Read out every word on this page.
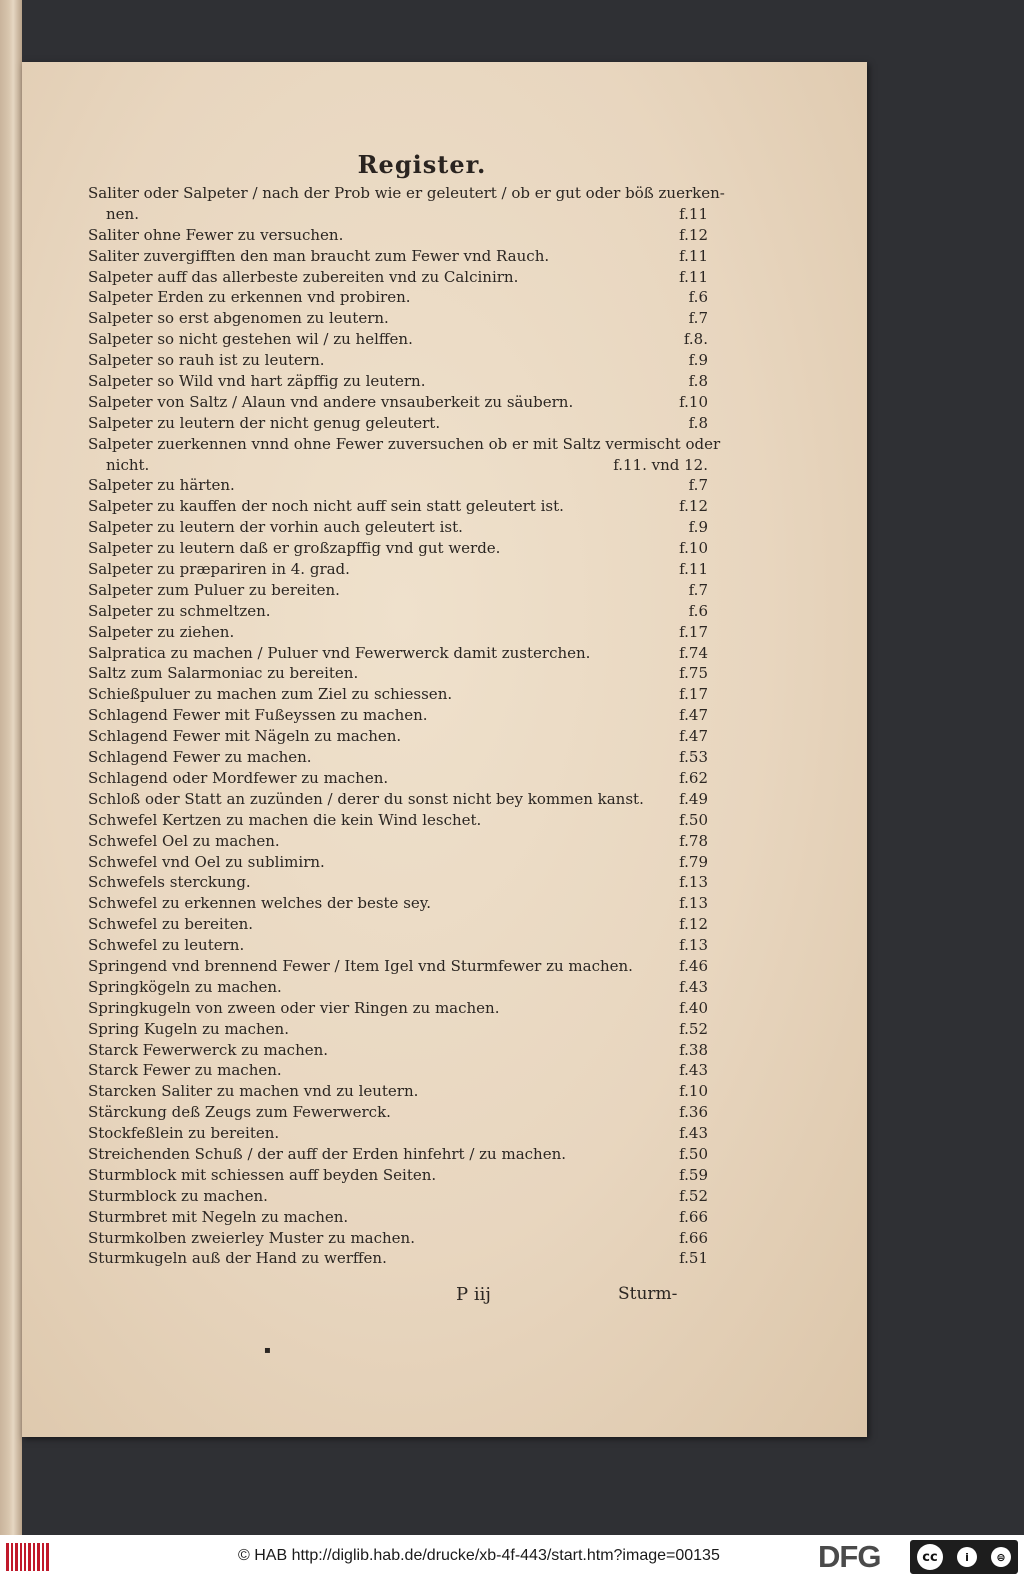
Register.
Saliter oder Salpeter / nach der Prob wie er geleutert / ob er gut oder böß zuerken-
nen.	f.11
Saliter ohne Fewer zu versuchen.	f.12
Saliter zuvergifften den man braucht zum Fewer vnd Rauch.	f.11
Salpeter auff das allerbeste zubereiten vnd zu Calcinirn.	f.11
Salpeter Erden zu erkennen vnd probiren.	f.6
Salpeter so erst abgenomen zu leutern.	f.7
Salpeter so nicht gestehen wil / zu helffen.	f.8.
Salpeter so rauh ist zu leutern.	f.9
Salpeter so Wild vnd hart zäpffig zu leutern.	f.8
Salpeter von Saltz / Alaun vnd andere vnsauberkeit zu säubern.	f.10
Salpeter zu leutern der nicht genug geleutert.	f.8
Salpeter zuerkennen vnnd ohne Fewer zuversuchen ob er mit Saltz vermischt oder
nicht.	f.11. vnd 12.
Salpeter zu härten.	f.7
Salpeter zu kauffen der noch nicht auff sein statt geleutert ist.	f.12
Salpeter zu leutern der vorhin auch geleutert ist.	f.9
Salpeter zu leutern daß er großzapffig vnd gut werde.	f.10
Salpeter zu præpariren in 4. grad.	f.11
Salpeter zum Puluer zu bereiten.	f.7
Salpeter zu schmeltzen.	f.6
Salpeter zu ziehen.	f.17
Salpratica zu machen / Puluer vnd Fewerwerck damit zusterchen.	f.74
Saltz zum Salarmoniac zu bereiten.	f.75
Schießpuluer zu machen zum Ziel zu schiessen.	f.17
Schlagend Fewer mit Fußeyssen zu machen.	f.47
Schlagend Fewer mit Nägeln zu machen.	f.47
Schlagend Fewer zu machen.	f.53
Schlagend oder Mordfewer zu machen.	f.62
Schloß oder Statt an zuzünden / derer du sonst nicht bey kommen kanst. f.49
Schwefel Kertzen zu machen die kein Wind leschet.	f.50
Schwefel Oel zu machen.	f.78
Schwefel vnd Oel zu sublimirn.	f.79
Schwefels sterckung.	f.13
Schwefel zu erkennen welches der beste sey.	f.13
Schwefel zu bereiten.	f.12
Schwefel zu leutern.	f.13
Springend vnd brennend Fewer / Item Igel vnd Sturmfewer zu machen.	f.46
Springkögeln zu machen.	f.43
Springkugeln von zween oder vier Ringen zu machen.	f.40
Spring Kugeln zu machen.	f.52
Starck Fewerwerck zu machen.	f.38
Starck Fewer zu machen.	f.43
Starcken Saliter zu machen vnd zu leutern.	f.10
Stärckung deß Zeugs zum Fewerwerck.	f.36
Stockfeßlein zu bereiten.	f.43
Streichenden Schuß / der auff der Erden hinfehrt / zu machen.	f.50
Sturmblock mit schiessen auff beyden Seiten.	f.59
Sturmblock zu machen.	f.52
Sturmbret mit Negeln zu machen.	f.66
Sturmkolben zweierley Muster zu machen.	f.66
Sturmkugeln auß der Hand zu werffen.	f.51
P iij	Sturm-
▪
© HAB http://diglib.hab.de/drucke/xb-4f-443/start.htm?image=00135	DFG	cc	i	⊜
